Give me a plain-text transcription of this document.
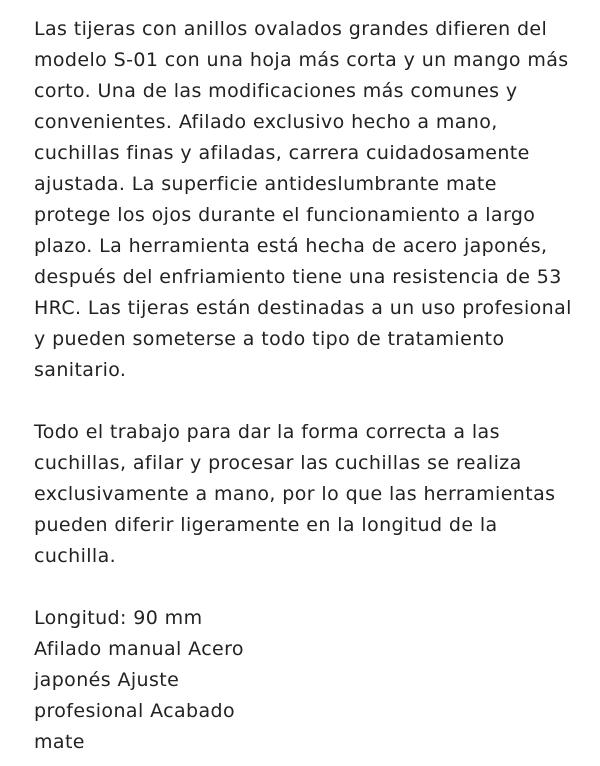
Las tijeras con anillos ovalados grandes difieren del
modelo S-01 con una hoja más corta y un mango más
corto. Una de las modificaciones más comunes y
convenientes. Afilado exclusivo hecho a mano,
cuchillas finas y afiladas, carrera cuidadosamente
ajustada. La superficie antideslumbrante mate
protege los ojos durante el funcionamiento a largo
plazo. La herramienta está hecha de acero japonés,
después del enfriamiento tiene una resistencia de 53
HRC. Las tijeras están destinadas a un uso profesional
y pueden someterse a todo tipo de tratamiento
sanitario.
Todo el trabajo para dar la forma correcta a las
cuchillas, afilar y procesar las cuchillas se realiza
exclusivamente a mano, por lo que las herramientas
pueden diferir ligeramente en la longitud de la
cuchilla.
Longitud: 90 mm
Afilado manual Acero
japonés Ajuste
profesional Acabado
mate
